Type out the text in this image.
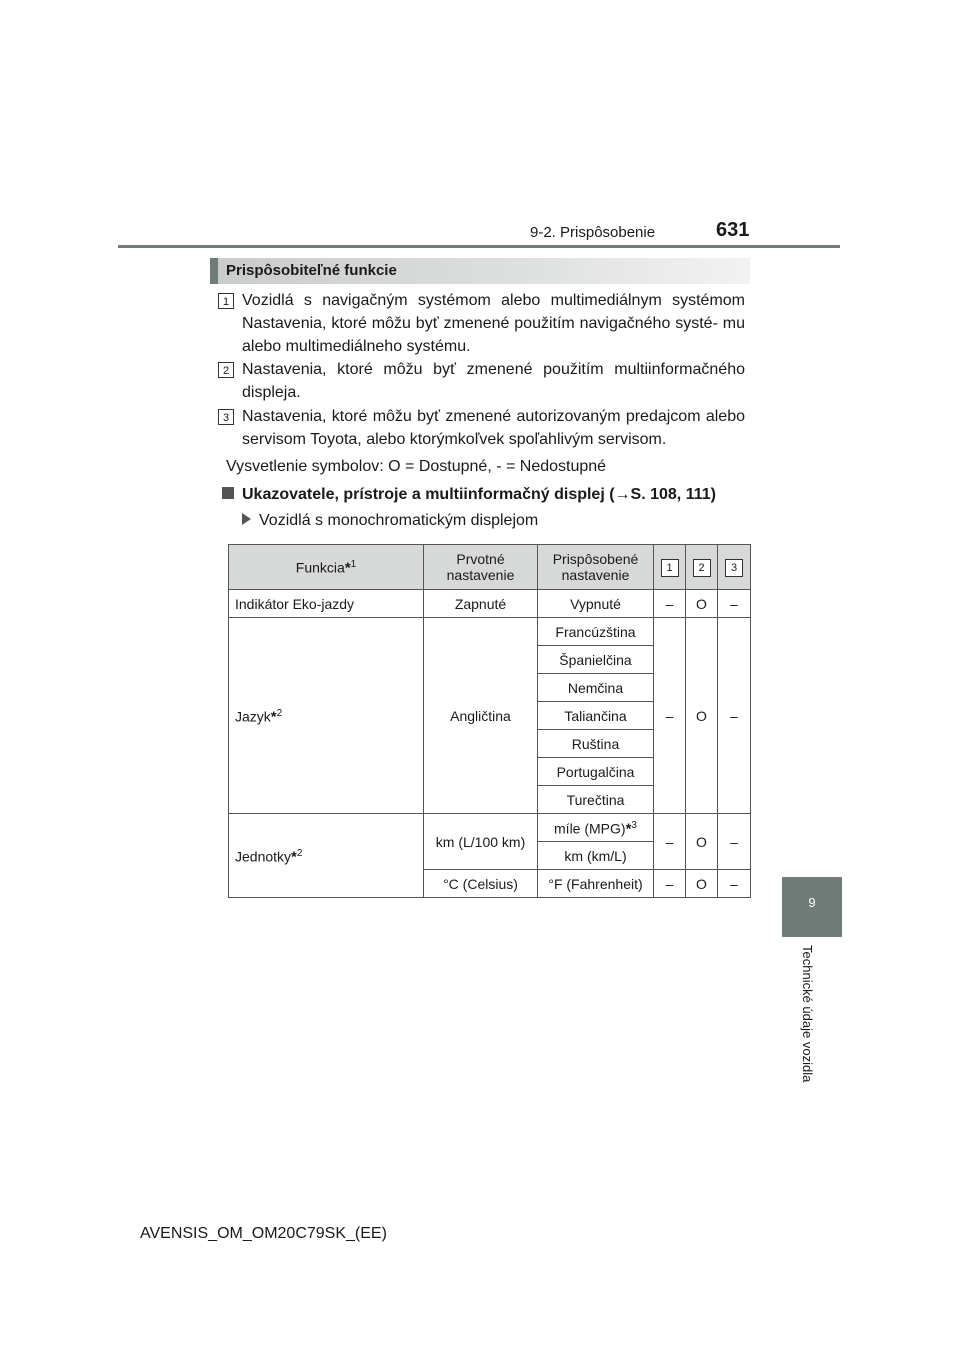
9-2. Prispôsobenie	631
9
Technické údaje vozidla
Prispôsobiteľné funkcie
1 Vozidlá s navigačným systémom alebo multimediálnym systémom Nastavenia, ktoré môžu byť zmenené použitím navigačného systé- mu alebo multimediálneho systému.
2 Nastavenia, ktoré môžu byť zmenené použitím multiinformačného displeja.
3 Nastavenia, ktoré môžu byť zmenené autorizovaným predajcom alebo servisom Toyota, alebo ktorýmkoľvek spoľahlivým servisom.
Vysvetlenie symbolov: O = Dostupné, - = Nedostupné
Ukazovatele, prístroje a multiinformačný displej (→S. 108, 111)
Vozidlá s monochromatickým displejom
Funkcia*$^1$	Prvotné nastavenie	Prispôsobené nastavenie	1	2	3
Indikátor Eko-jazdy	Zapnuté	Vypnuté	–	O	–
Jazyk*$^2$	Angličtina	Francúzština	–	O	–
		Španielčina			
		Nemčina			
		Taliančina			
		Ruština			
		Portugalčina			
		Turečtina			
Jednotky*$^2$	km (L/100 km)	míle (MPG)*$^3$	–	O	–
		km (km/L)			
	°C (Celsius)	°F (Fahrenheit)	–	O	–
AVENSIS_OM_OM20C79SK_(EE)
